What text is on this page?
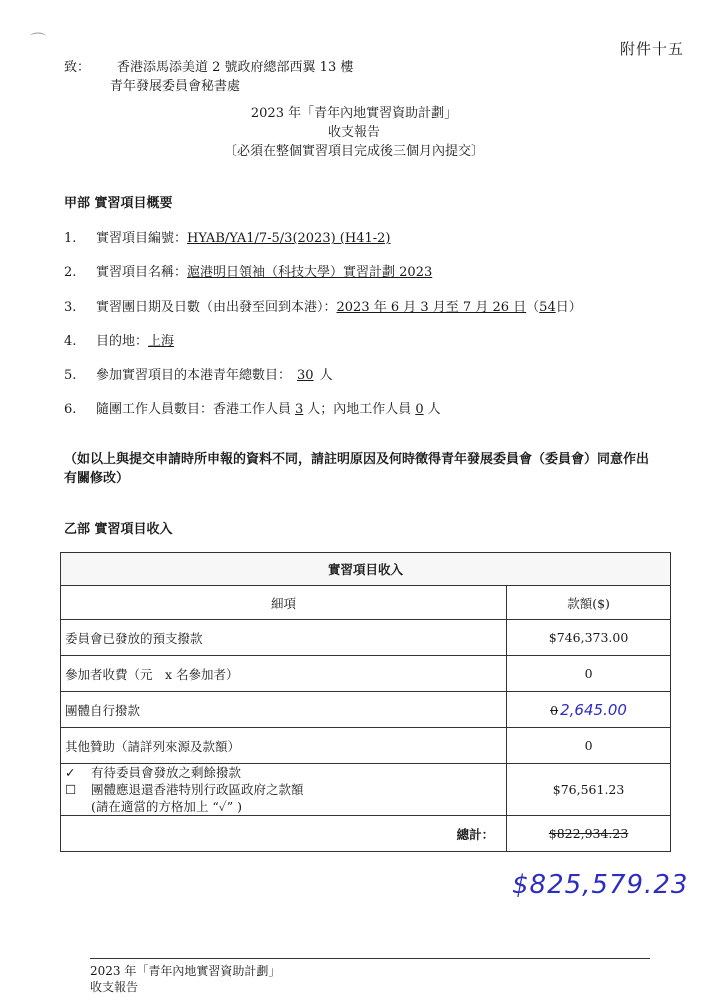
⌒	附件十五
致： 香港添馬添美道 2 號政府總部西翼 13 樓
青年發展委員會秘書處
2023 年「青年內地實習資助計劃」
收支報告
〔必須在整個實習項目完成後三個月內提交〕
甲部 實習項目概要
1. 實習項目編號：HYAB/YA1/7-5/3(2023) (H41-2)
2. 實習項目名稱：滬港明日領袖（科技大學）實習計劃 2023
3. 實習團日期及日數（由出發至回到本港）：2023 年 6 月 3 月至 7 月 26 日（54日）
4. 目的地：上海
5. 參加實習項目的本港青年總數目： 30 人
6. 隨團工作人員數目：香港工作人員 3 人；內地工作人員 0 人
（如以上與提交申請時所申報的資料不同，請註明原因及何時徵得青年發展委員會（委員會）同意作出有關修改）
乙部 實習項目收入
實習項目收入	
細項	款額($)
委員會已發放的預支撥款	$746,373.00
參加者收費（元　x 名參加者）	0
團體自行撥款	0 2,645.00
其他贊助（請詳列來源及款額）	0

✓ 有待委員會發放之剩餘撥款
☐ 團體應退還香港特別行政區政府之款額
(請在適當的方格加上 “✓” )	$76,561.23
總計：	$822,934.23
$825,579.23
2023 年「青年內地實習資助計劃」
收支報告
